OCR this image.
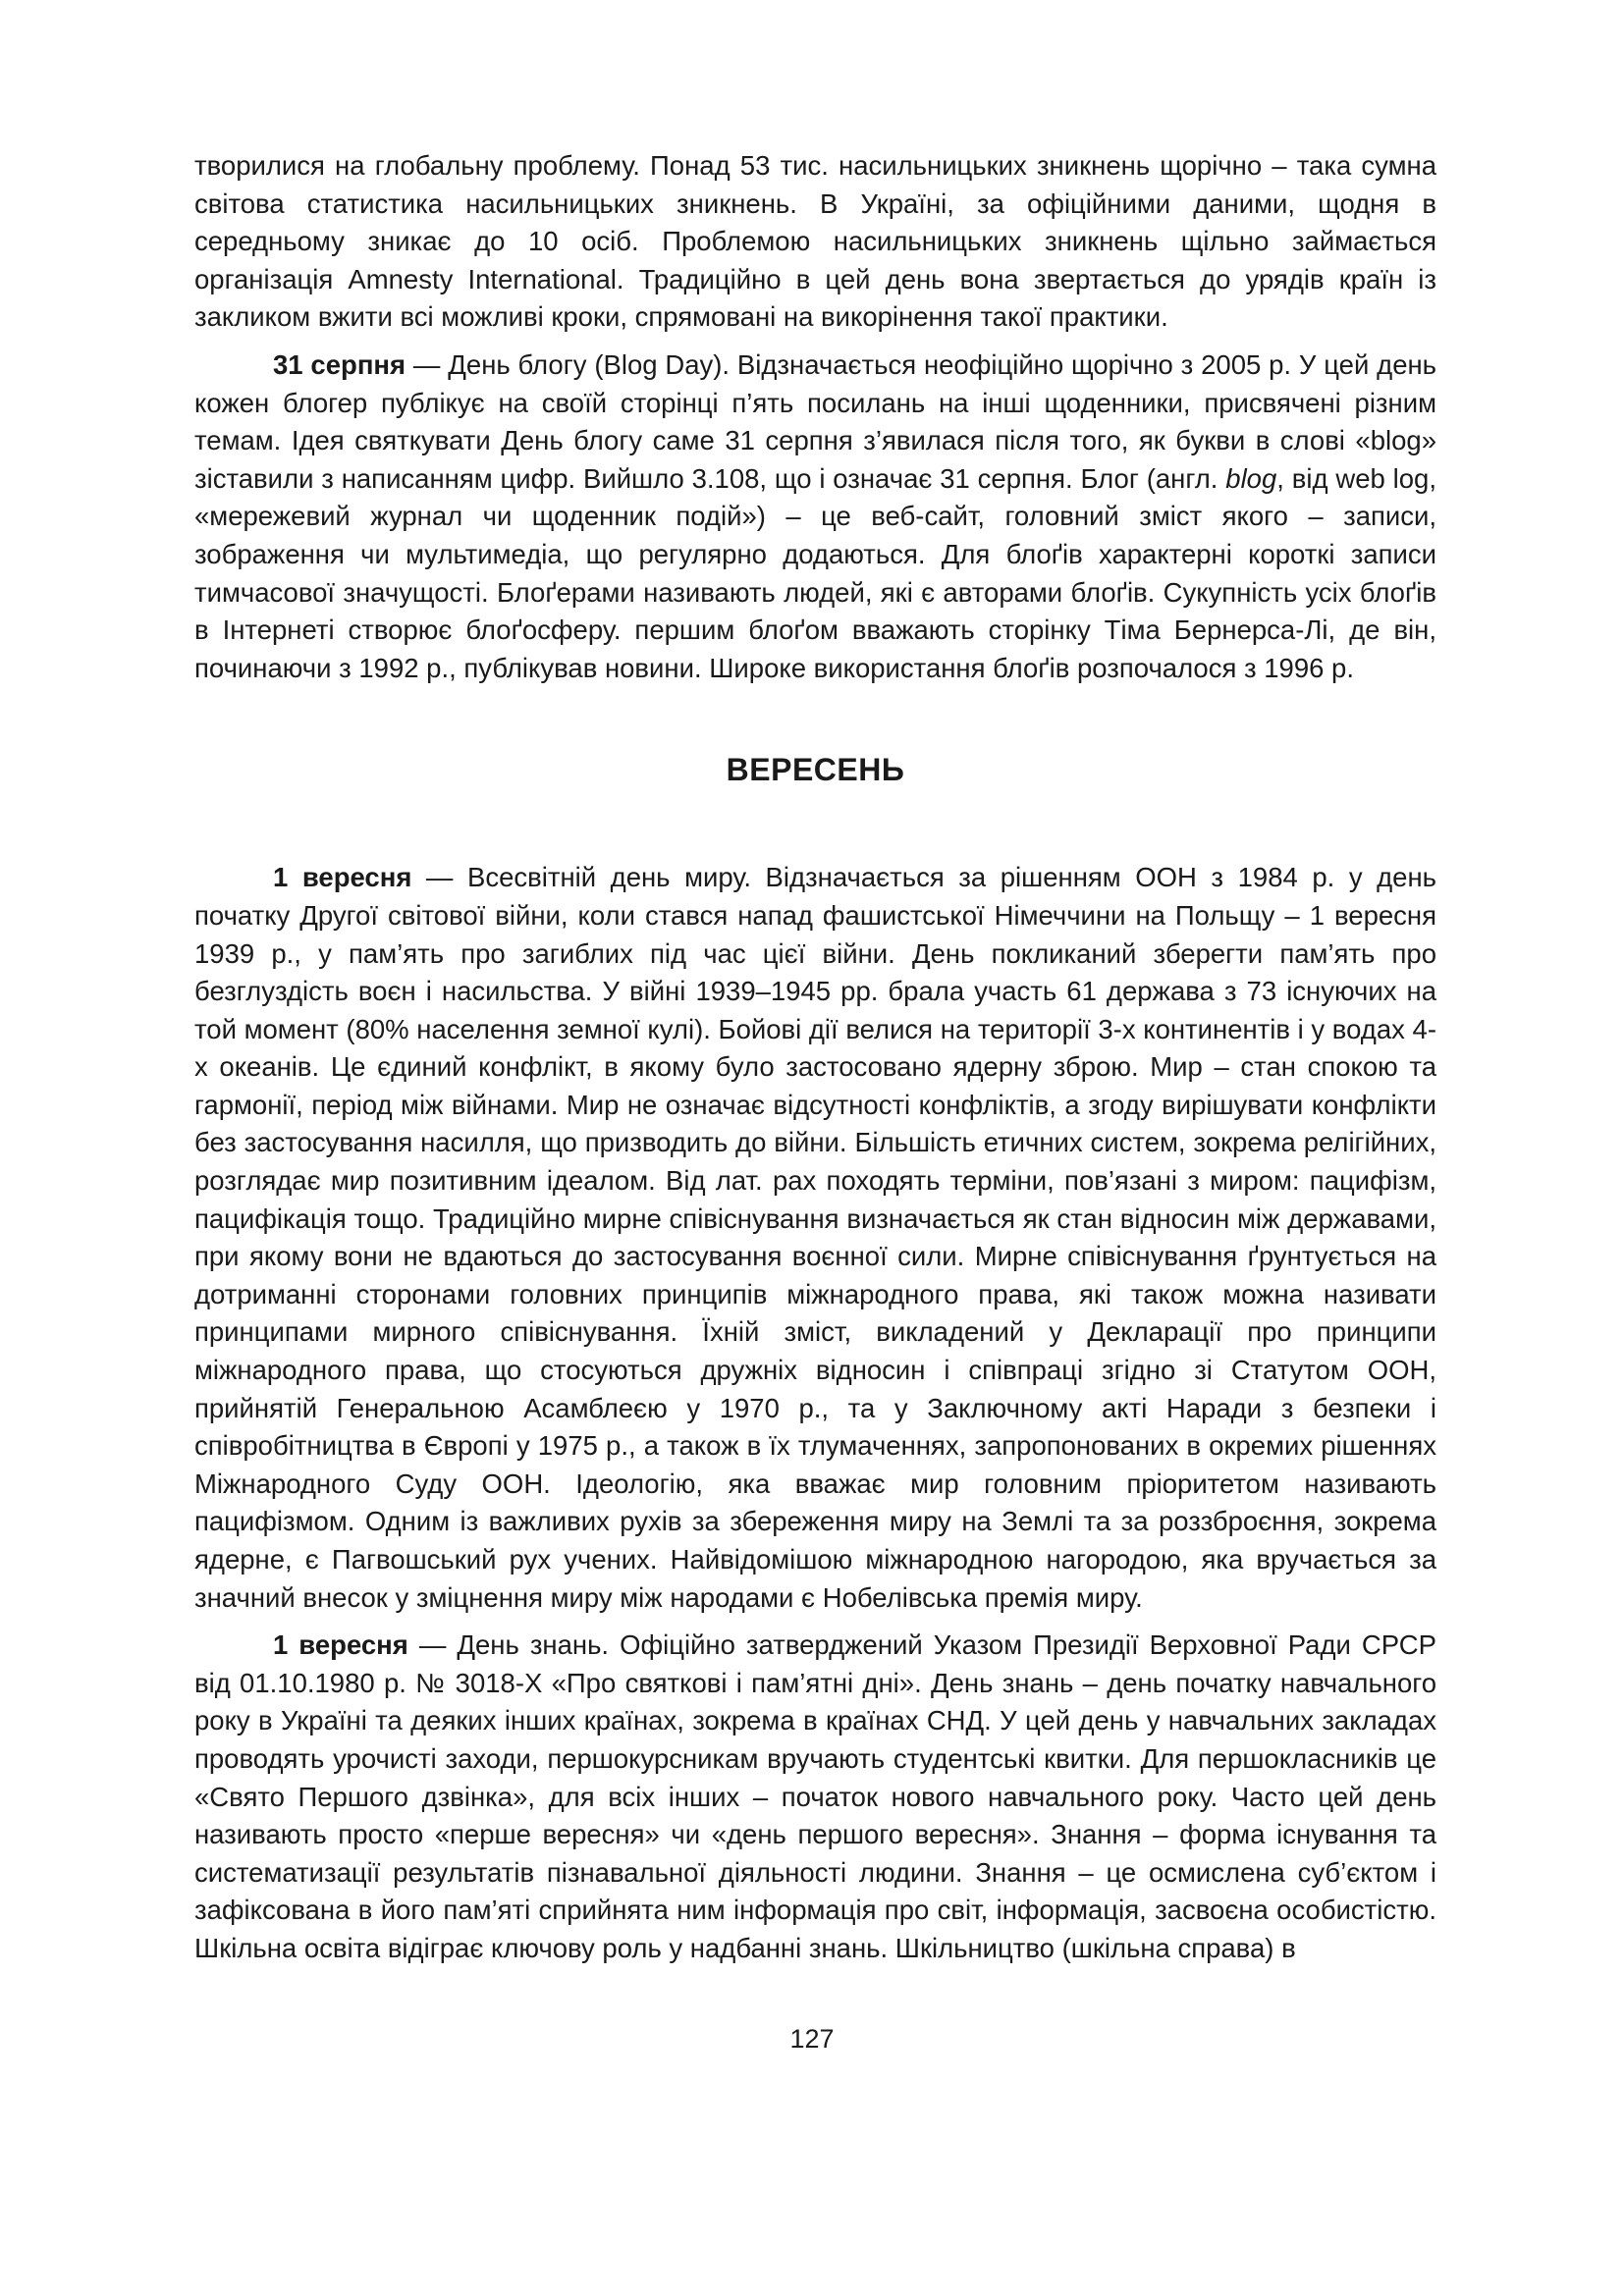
творилися на глобальну проблему. Понад 53 тис. насильницьких зникнень щорічно – така сумна світова статистика насильницьких зникнень. В Україні, за офіційними даними, щодня в середньому зникає до 10 осіб. Проблемою насильницьких зникнень щільно займається організація Amnesty International. Традиційно в цей день вона звертається до урядів країн із закликом вжити всі можливі кроки, спрямовані на викорінення такої практики.

31 серпня — День блогу (Blog Day). Відзначається неофіційно щорічно з 2005 р. У цей день кожен блогер публікує на своїй сторінці п’ять посилань на інші щоденники, присвячені різним темам. Ідея святкувати День блогу саме 31 серпня з’явилася після того, як букви в слові «blog» зіставили з написанням цифр. Вийшло 3.108, що і означає 31 серпня. Блог (англ. blog, від web log, «мережевий журнал чи щоденник подій») – це веб-сайт, головний зміст якого – записи, зображення чи мультимедіа, що регулярно додаються. Для блоґів характерні короткі записи тимчасової значущості. Блоґерами називають людей, які є авторами блоґів. Сукупність усіх блоґів в Інтернеті створює блоґосферу. першим блоґом вважають сторінку Тіма Бернерса-Лі, де він, починаючи з 1992 р., публікував новини. Широке використання блоґів розпочалося з 1996 р.

ВЕРЕСЕНЬ

1 вересня — Всесвітній день миру. Відзначається за рішенням ООН з 1984 р. у день початку Другої світової війни, коли стався напад фашистської Німеччини на Польщу – 1 вересня 1939 р., у пам’ять про загиблих під час цієї війни. День покликаний зберегти пам’ять про безглуздість воєн і насильства. У війні 1939–1945 рр. брала участь 61 держава з 73 існуючих на той момент (80% населення земної кулі). Бойові дії велися на території 3-х континентів і у водах 4-х океанів. Це єдиний конфлікт, в якому було застосовано ядерну зброю. Мир – стан спокою та гармонії, період між війнами. Мир не означає відсутності конфліктів, а згоду вирішувати конфлікти без застосування насилля, що призводить до війни. Більшість етичних систем, зокрема релігійних, розглядає мир позитивним ідеалом. Від лат. pax походять терміни, пов’язані з миром: пацифізм, пацифікація тощо. Традиційно мирне співіснування визначається як стан відносин між державами, при якому вони не вдаються до застосування воєнної сили. Мирне співіснування ґрунтується на дотриманні сторонами головних принципів міжнародного права, які також можна називати принципами мирного співіснування. Їхній зміст, викладений у Декларації про принципи міжнародного права, що стосуються дружніх відносин і співпраці згідно зі Статутом ООН, прийнятій Генеральною Асамблеєю у 1970 р., та у Заключному акті Наради з безпеки і співробітництва в Європі у 1975 р., а також в їх тлумаченнях, запропонованих в окремих рішеннях Міжнародного Суду ООН. Ідеологію, яка вважає мир головним пріоритетом називають пацифізмом. Одним із важливих рухів за збереження миру на Землі та за роззброєння, зокрема ядерне, є Пагвошський рух учених. Найвідомішою міжнародною нагородою, яка вручається за значний внесок у зміцнення миру між народами є Нобелівська премія миру.

1 вересня — День знань. Офіційно затверджений Указом Президії Верховної Ради СРСР від 01.10.1980 р. № 3018-Х «Про святкові і пам’ятні дні». День знань – день початку навчального року в Україні та деяких інших країнах, зокрема в країнах СНД. У цей день у навчальних закладах проводять урочисті заходи, першокурсникам вручають студентські квитки. Для першокласників це «Свято Першого дзвінка», для всіх інших – початок нового навчального року. Часто цей день називають просто «перше вересня» чи «день першого вересня». Знання – форма існування та систематизації результатів пізнавальної діяльності людини. Знання – це осмислена суб’єктом і зафіксована в його пам’яті сприйнята ним інформація про світ, інформація, засвоєна особистістю. Шкільна освіта відіграє ключову роль у надбанні знань. Шкільництво (шкільна справа) в

127
